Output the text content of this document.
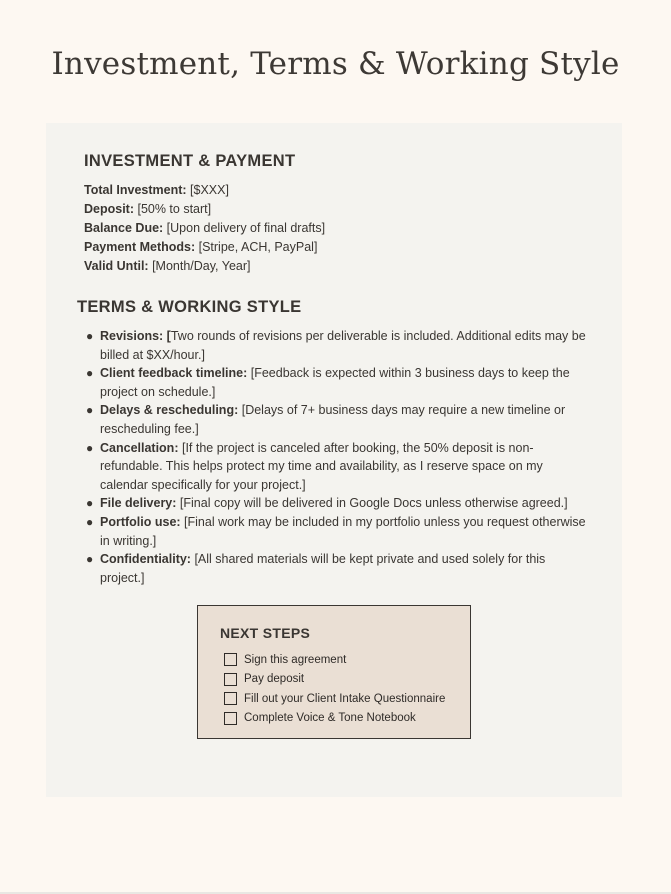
Investment, Terms & Working Style
INVESTMENT & PAYMENT
Total Investment: [$XXX]
Deposit: [50% to start]
Balance Due: [Upon delivery of final drafts]
Payment Methods: [Stripe, ACH, PayPal]
Valid Until: [Month/Day, Year]
TERMS & WORKING STYLE
● Revisions: [Two rounds of revisions per deliverable is included. Additional edits may be billed at $XX/hour.]
● Client feedback timeline: [Feedback is expected within 3 business days to keep the project on schedule.]
● Delays & rescheduling: [Delays of 7+ business days may require a new timeline or rescheduling fee.]
● Cancellation: [If the project is canceled after booking, the 50% deposit is non-refundable. This helps protect my time and availability, as I reserve space on my calendar specifically for your project.]
● File delivery: [Final copy will be delivered in Google Docs unless otherwise agreed.]
● Portfolio use: [Final work may be included in my portfolio unless you request otherwise in writing.]
● Confidentiality: [All shared materials will be kept private and used solely for this project.]
NEXT STEPS
Sign this agreement
Pay deposit
Fill out your Client Intake Questionnaire
Complete Voice & Tone Notebook
